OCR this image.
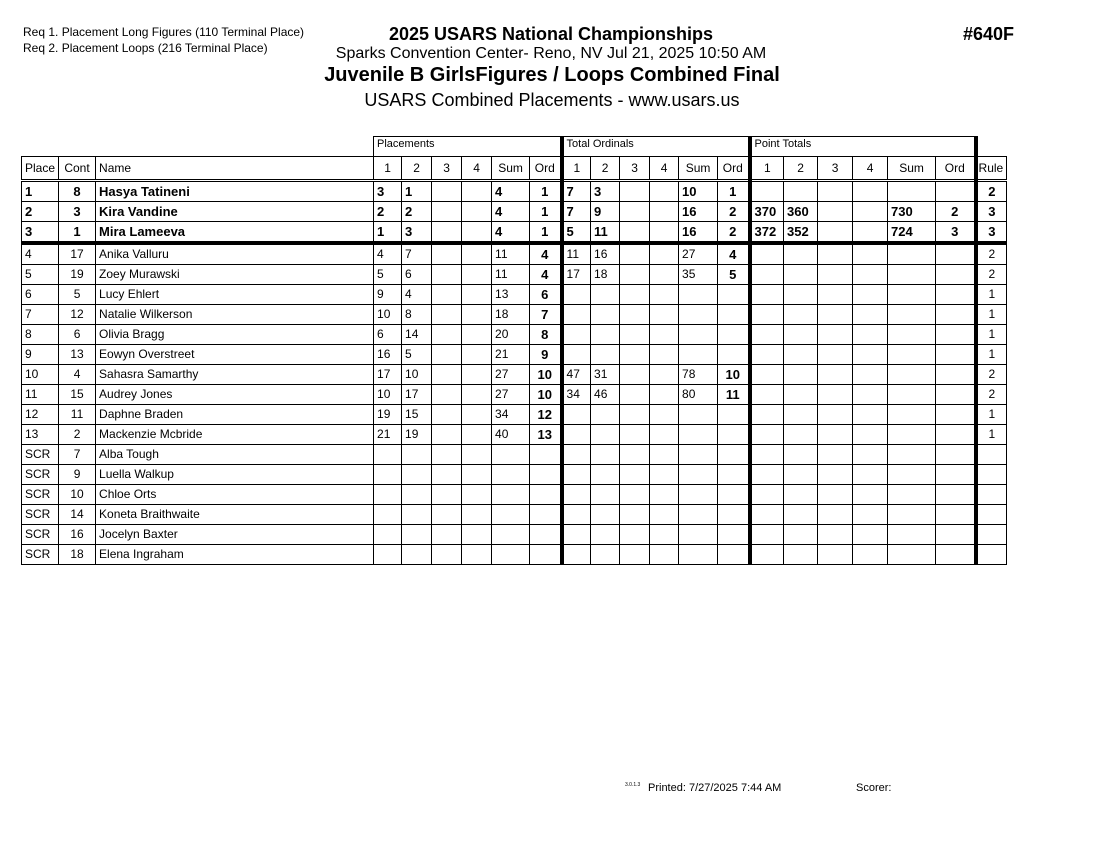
Req 1. Placement Long Figures (110 Terminal Place)
Req 2. Placement Loops (216 Terminal Place)
2025 USARS National Championships	#640F
Sparks Convention Center- Reno, NV Jul 21, 2025 10:50 AM
Juvenile B GirlsFigures / Loops Combined Final
USARS Combined Placements - www.usars.us
			Placements						Total Ordinals						Point Totals						
Place	Cont	Name	1	2	3	4	Sum	Ord	1	2	3	4	Sum	Ord	1	2	3	4	Sum	Ord	Rule
1	8	Hasya Tatineni	3	1			4	1	7	3			10	1							2
2	3	Kira Vandine	2	2			4	1	7	9			16	2	370	360			730	2	3
3	1	Mira Lameeva	1	3			4	1	5	11			16	2	372	352			724	3	3
4	17	Anika Valluru	4	7			11	4	11	16			27	4							2
5	19	Zoey Murawski	5	6			11	4	17	18			35	5							2
6	5	Lucy Ehlert	9	4			13	6													1
7	12	Natalie Wilkerson	10	8			18	7													1
8	6	Olivia Bragg	6	14			20	8													1
9	13	Eowyn Overstreet	16	5			21	9													1
10	4	Sahasra Samarthy	17	10			27	10	47	31			78	10							2
11	15	Audrey Jones	10	17			27	10	34	46			80	11							2
12	11	Daphne Braden	19	15			34	12													1
13	2	Mackenzie Mcbride	21	19			40	13													1
SCR	7	Alba Tough																			
SCR	9	Luella Walkup																			
SCR	10	Chloe Orts																			
SCR	14	Koneta Braithwaite																			
SCR	16	Jocelyn Baxter																			
SCR	18	Elena Ingraham																			
3.0.1.3 Printed: 7/27/2025 7:44 AM	Scorer:
